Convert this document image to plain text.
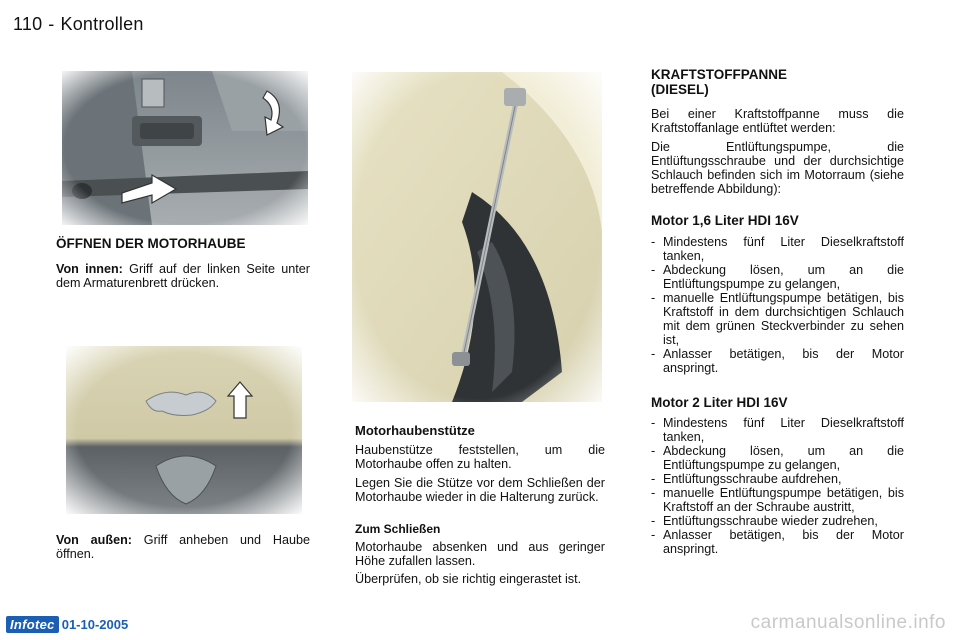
110 - Kontrollen
ÖFFNEN DER MOTORHAUBE
Von innen: Griff auf der linken Seite unter dem Armaturenbrett drücken.
Von außen: Griff anheben und Haube öffnen.
Motorhaubenstütze
Haubenstütze feststellen, um die Motorhaube offen zu halten.
Legen Sie die Stütze vor dem Schließen der Motorhaube wieder in die Halterung zurück.
Zum Schließen
Motorhaube absenken und aus geringer Höhe zufallen lassen.
Überprüfen, ob sie richtig eingerastet ist.
KRAFTSTOFFPANNE
(DIESEL)
Bei einer Kraftstoffpanne muss die Kraftstoffanlage entlüftet werden:
Die Entlüftungspumpe, die Entlüftungsschraube und der durchsichtige Schlauch befinden sich im Motorraum (siehe betreffende Abbildung):
Motor 1,6 Liter HDI 16V
- Mindestens fünf Liter Dieselkraftstoff tanken,
- Abdeckung lösen, um an die Entlüftungspumpe zu gelangen,
- manuelle Entlüftungspumpe betätigen, bis Kraftstoff in dem durchsichtigen Schlauch mit dem grünen Steckverbinder zu sehen ist,
- Anlasser betätigen, bis der Motor anspringt.
Motor 2 Liter HDI 16V
- Mindestens fünf Liter Dieselkraftstoff tanken,
- Abdeckung lösen, um an die Entlüftungspumpe zu gelangen,
- Entlüftungsschraube aufdrehen,
- manuelle Entlüftungspumpe betätigen, bis Kraftstoff an der Schraube austritt,
- Entlüftungsschraube wieder zudrehen,
- Anlasser betätigen, bis der Motor anspringt.
Infotec 01-10-2005	carmanualsonline.info
